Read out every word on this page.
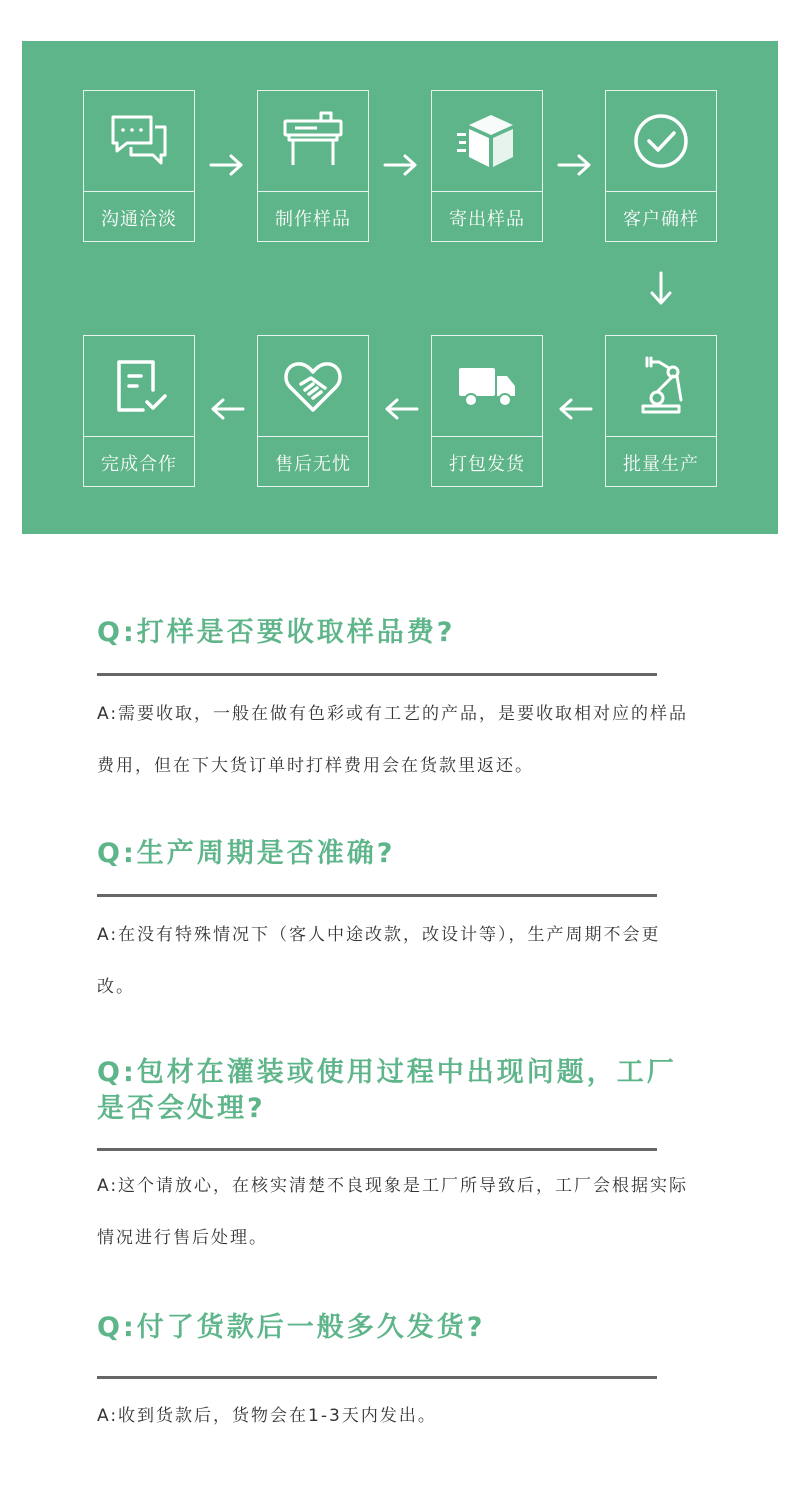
沟通洽淡	制作样品	寄出样品	客户确样
完成合作	售后无忧	打包发货	批量生产

Q:打样是否要收取样品费?

A:需要收取，一般在做有色彩或有工艺的产品，是要收取相对应的样品费用，但在下大货订单时打样费用会在货款里返还。

Q:生产周期是否准确?

A:在没有特殊情况下（客人中途改款，改设计等），生产周期不会更改。

Q:包材在灌装或使用过程中出现问题，工厂是否会处理?

A:这个请放心，在核实清楚不良现象是工厂所导致后，工厂会根据实际情况进行售后处理。

Q:付了货款后一般多久发货?

A:收到货款后，货物会在1-3天内发出。
